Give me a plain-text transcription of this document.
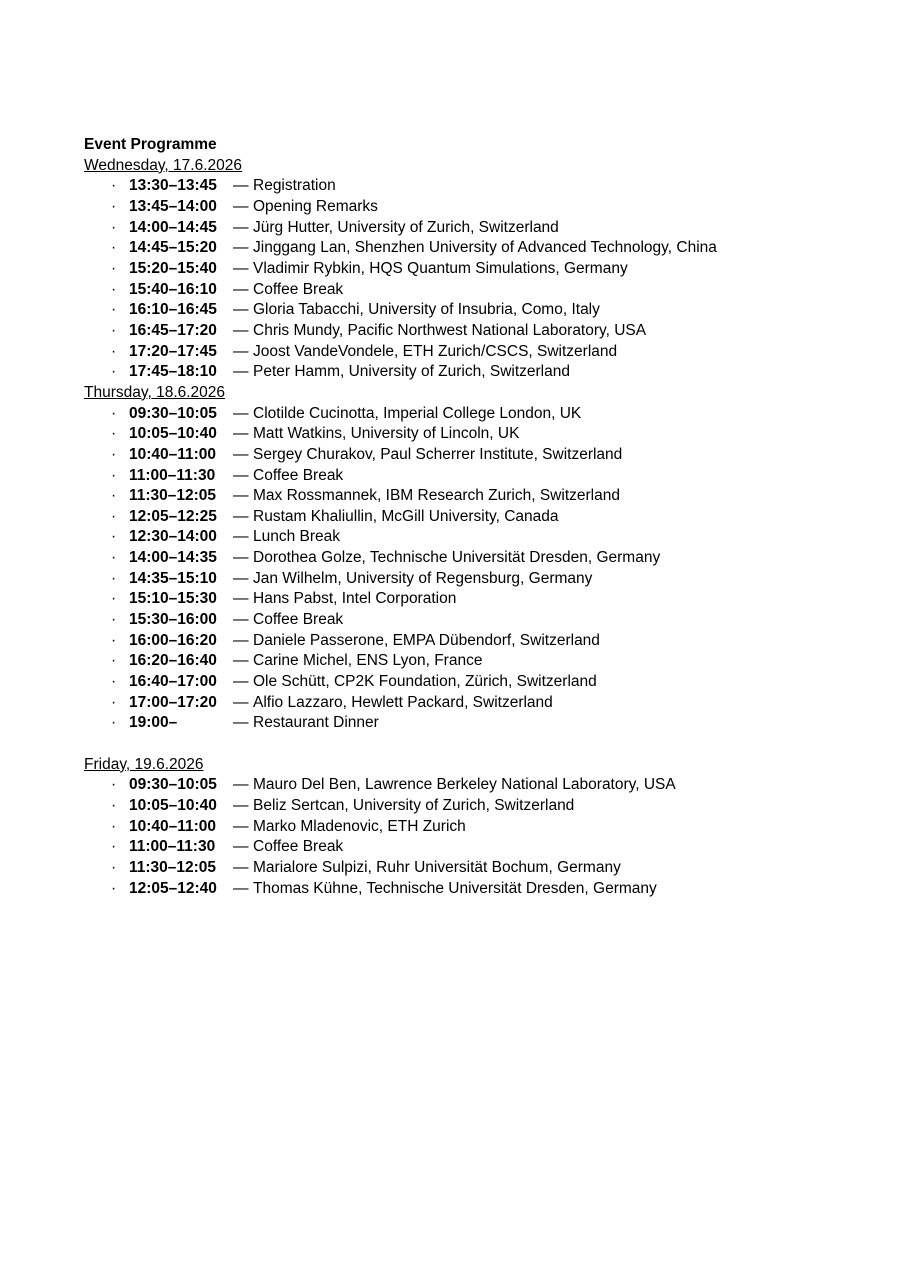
Event Programme
Wednesday, 17.6.2026
· 13:30–13:45	— Registration
· 13:45–14:00	— Opening Remarks
· 14:00–14:45	— Jürg Hutter, University of Zurich, Switzerland
· 14:45–15:20	— Jinggang Lan, Shenzhen University of Advanced Technology, China
· 15:20–15:40	— Vladimir Rybkin, HQS Quantum Simulations, Germany
· 15:40–16:10	— Coffee Break
· 16:10–16:45	— Gloria Tabacchi, University of Insubria, Como, Italy
· 16:45–17:20	— Chris Mundy, Pacific Northwest National Laboratory, USA
· 17:20–17:45	— Joost VandeVondele, ETH Zurich/CSCS, Switzerland
· 17:45–18:10	— Peter Hamm, University of Zurich, Switzerland
Thursday, 18.6.2026
· 09:30–10:05	— Clotilde Cucinotta, Imperial College London, UK
· 10:05–10:40	— Matt Watkins, University of Lincoln, UK
· 10:40–11:00	— Sergey Churakov, Paul Scherrer Institute, Switzerland
· 11:00–11:30	— Coffee Break
· 11:30–12:05	— Max Rossmannek, IBM Research Zurich, Switzerland
· 12:05–12:25	— Rustam Khaliullin, McGill University, Canada
· 12:30–14:00	— Lunch Break
· 14:00–14:35	— Dorothea Golze, Technische Universität Dresden, Germany
· 14:35–15:10	— Jan Wilhelm, University of Regensburg, Germany
· 15:10–15:30	— Hans Pabst, Intel Corporation
· 15:30–16:00	— Coffee Break
· 16:00–16:20	— Daniele Passerone, EMPA Dübendorf, Switzerland
· 16:20–16:40	— Carine Michel, ENS Lyon, France
· 16:40–17:00	— Ole Schütt, CP2K Foundation, Zürich, Switzerland
· 17:00–17:20	— Alfio Lazzaro, Hewlett Packard, Switzerland
· 19:00–	— Restaurant Dinner
Friday, 19.6.2026
· 09:30–10:05	— Mauro Del Ben, Lawrence Berkeley National Laboratory, USA
· 10:05–10:40	— Beliz Sertcan, University of Zurich, Switzerland
· 10:40–11:00	— Marko Mladenovic, ETH Zurich
· 11:00–11:30	— Coffee Break
· 11:30–12:05	— Marialore Sulpizi, Ruhr Universität Bochum, Germany
· 12:05–12:40	— Thomas Kühne, Technische Universität Dresden, Germany
